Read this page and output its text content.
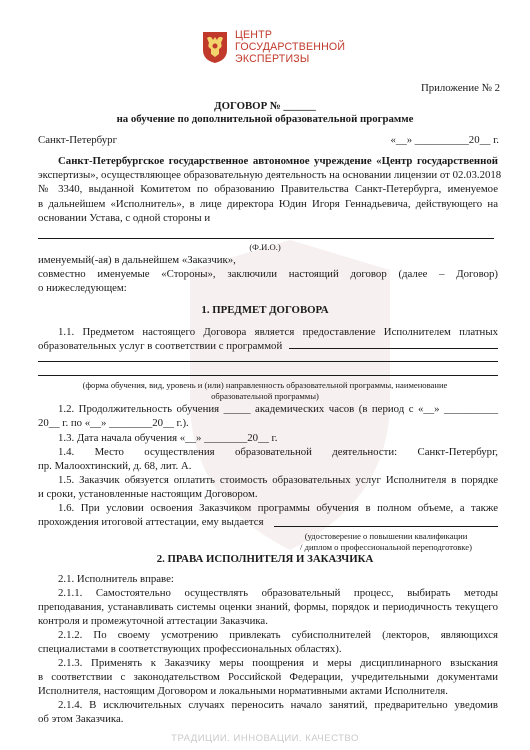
ТРАДИЦИИ. ИННОВАЦИИ. КАЧЕСТВО
ЦЕНТР
ГОСУДАРСТВЕННОЙ
ЭКСПЕРТИЗЫ
Приложение № 2
ДОГОВОР № ______
на обучение по дополнительной образовательной программе
Санкт-Петербург	«__» __________20__ г.
Санкт-Петербургское государственное автономное учреждение «Центр государственной
экспертизы», осуществляющее образовательную деятельность на основании лицензии от 02.03.2018
№ 3340, выданной Комитетом по образованию Правительства Санкт-Петербурга, именуемое
в дальнейшем «Исполнитель», в лице директора Юдин Игоря Геннадьевича, действующего на
основании Устава, с одной стороны и
(Ф.И.О.)
именуемый(-ая) в дальнейшем «Заказчик»,
совместно именуемые «Стороны», заключили настоящий договор (далее – Договор)
о нижеследующем:
1. ПРЕДМЕТ ДОГОВОРА
1.1. Предметом настоящего Договора является предоставление Исполнителем платных
образовательных услуг в соответствии с программой
(форма обучения, вид, уровень и (или) направленность образовательной программы, наименование
образовательной программы)
1.2. Продолжительность обучения _____ академических часов (в период с «__» __________
20__ г. по «__» ________20__ г.).
1.3. Дата начала обучения «__» ________20__ г.
1.4. Место осуществления образовательной деятельности: Санкт-Петербург,
пр. Малоохтинский, д. 68, лит. А.
1.5. Заказчик обязуется оплатить стоимость образовательных услуг Исполнителя в порядке
и сроки, установленные настоящим Договором.
1.6. При условии освоения Заказчиком программы обучения в полном объеме, а также
прохождения итоговой аттестации, ему выдается
(удостоверение о повышении квалификации
/ диплом о профессиональной переподготовке)
2. ПРАВА ИСПОЛНИТЕЛЯ И ЗАКАЗЧИКА
2.1. Исполнитель вправе:
2.1.1. Самостоятельно осуществлять образовательный процесс, выбирать методы
преподавания, устанавливать системы оценки знаний, формы, порядок и периодичность текущего
контроля и промежуточной аттестации Заказчика.
2.1.2. По своему усмотрению привлекать субисполнителей (лекторов, являющихся
специалистами в соответствующих профессиональных областях).
2.1.3. Применять к Заказчику меры поощрения и меры дисциплинарного взыскания
в соответствии с законодательством Российской Федерации, учредительными документами
Исполнителя, настоящим Договором и локальными нормативными актами Исполнителя.
2.1.4. В исключительных случаях переносить начало занятий, предварительно уведомив
об этом Заказчика.
